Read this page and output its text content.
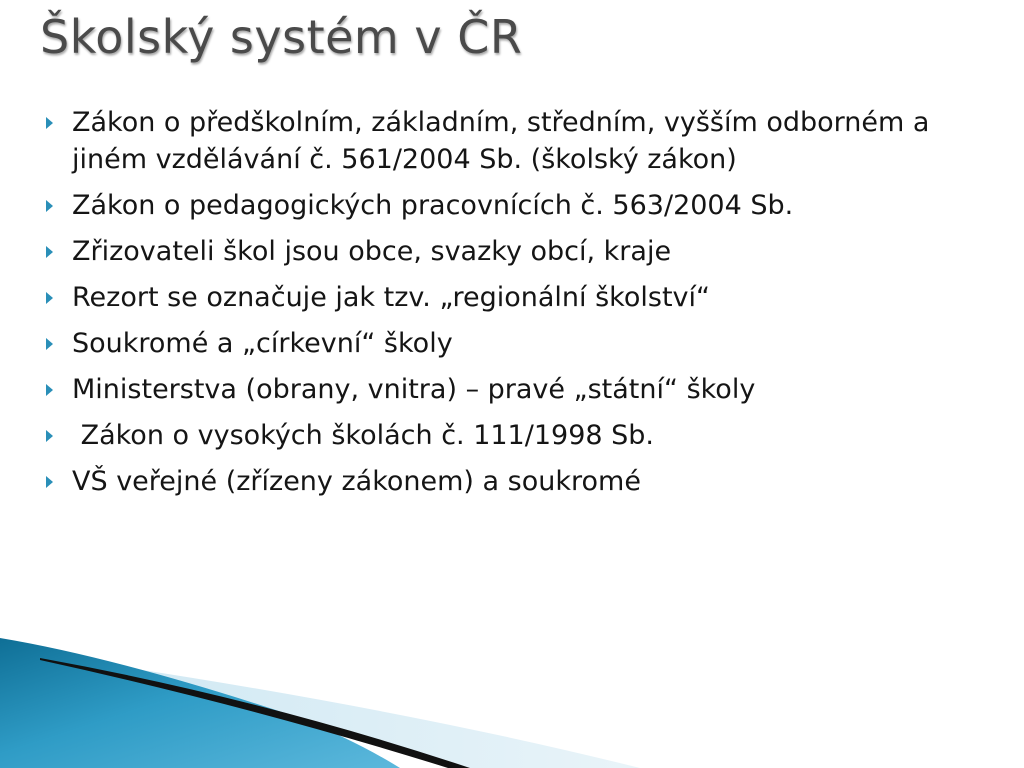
Školský systém v ČR
Zákon o předškolním, základním, středním, vyšším odborném a jiném vzdělávání č. 561/2004 Sb. (školský zákon)
Zákon o pedagogických pracovnících č. 563/2004 Sb.
Zřizovateli škol jsou obce, svazky obcí, kraje
Rezort se označuje jak tzv. „regionální školství“
Soukromé a „církevní“ školy
Ministerstva (obrany, vnitra) – pravé „státní“ školy
Zákon o vysokých školách č. 111/1998 Sb.
VŠ veřejné (zřízeny zákonem) a soukromé
